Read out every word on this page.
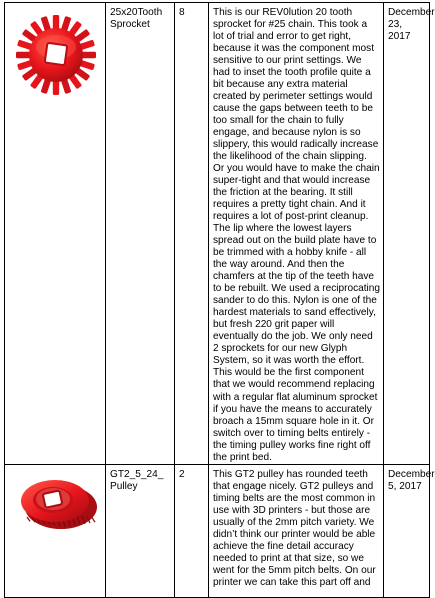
	25x20Tooth Sprocket	8	This is our REV0lution 20 tooth sprocket for #25 chain. This took a lot of trial and error to get right, because it was the component most sensitive to our print settings. We had to inset the tooth profile quite a bit because any extra material created by perimeter settings would cause the gaps between teeth to be too small for the chain to fully engage, and because nylon is so slippery, this would radically increase the likelihood of the chain slipping. Or you would have to make the chain super-tight and that would increase the friction at the bearing. It still requires a pretty tight chain. And it requires a lot of post-print cleanup. The lip where the lowest layers spread out on the build plate have to be trimmed with a hobby knife - all the way around. And then the chamfers at the tip of the teeth have to be rebuilt. We used a reciprocating sander to do this. Nylon is one of the hardest materials to sand effectively, but fresh 220 grit paper will eventually do the job. We only need 2 sprockets for our new Glyph System, so it was worth the effort. This would be the first component that we would recommend replacing with a regular flat aluminum sprocket if you have the means to accurately broach a 15mm square hole in it. Or switch over to timing belts entirely - the timing pulley works fine right off the print bed.	December 23, 2017

	GT2_5_24_ Pulley	2	This GT2 pulley has rounded teeth that engage nicely. GT2 pulleys and timing belts are the most common in use with 3D printers - but those are usually of the 2mm pitch variety. We didn’t think our printer would be able achieve the fine detail accuracy needed to print at that size, so we went for the 5mm pitch belts. On our printer we can take this part off and	December 5, 2017
